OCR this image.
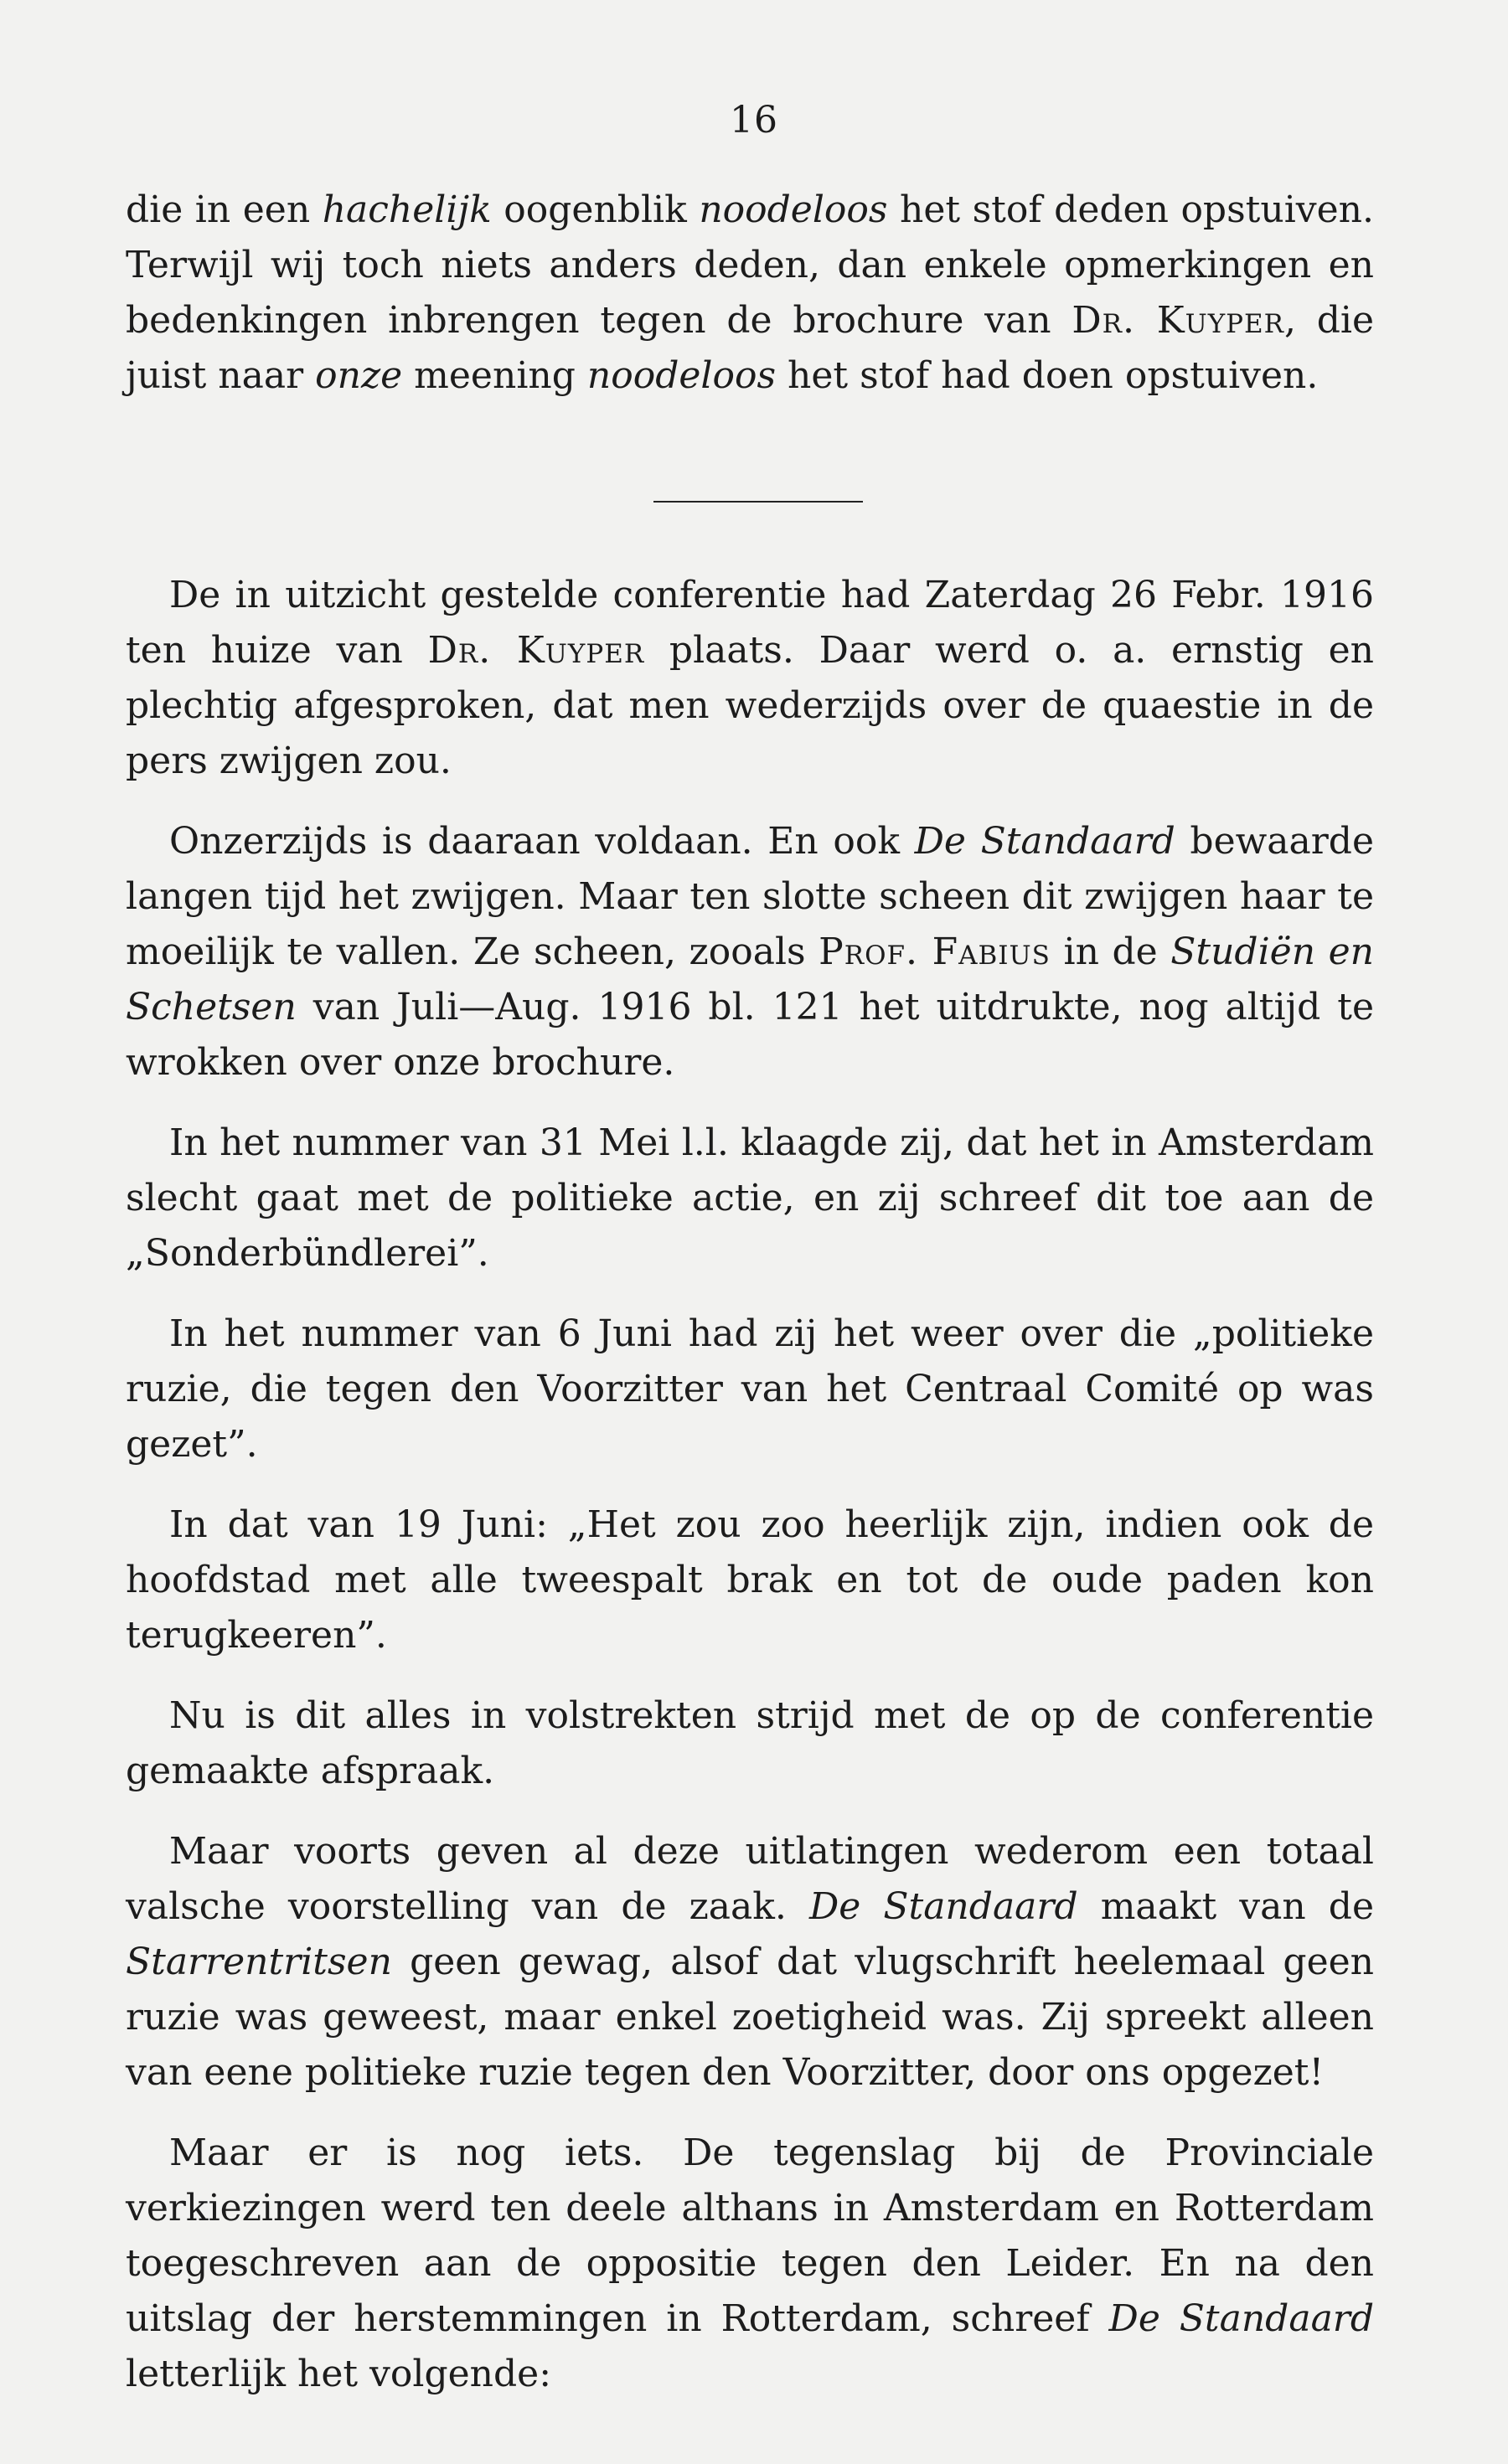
16

die in een hachelijk oogenblik noodeloos het stof deden opstuiven. Terwijl wij toch niets anders deden, dan enkele opmerkingen en bedenkingen inbrengen tegen de brochure van Dr. Kuyper, die juist naar onze meening noodeloos het stof had doen opstuiven.

De in uitzicht gestelde conferentie had Zaterdag 26 Febr. 1916 ten huize van Dr. Kuyper plaats. Daar werd o. a. ernstig en plechtig afgesproken, dat men wederzijds over de quaestie in de pers zwijgen zou.

Onzerzijds is daaraan voldaan. En ook De Standaard bewaarde langen tijd het zwijgen. Maar ten slotte scheen dit zwijgen haar te moeilijk te vallen. Ze scheen, zooals Prof. Fabius in de Studiën en Schetsen van Juli—Aug. 1916 bl. 121 het uitdrukte, nog altijd te wrokken over onze brochure.

In het nummer van 31 Mei l.l. klaagde zij, dat het in Amsterdam slecht gaat met de politieke actie, en zij schreef dit toe aan de „Sonderbündlerei”.

In het nummer van 6 Juni had zij het weer over die „politieke ruzie, die tegen den Voorzitter van het Centraal Comité op was gezet”.

In dat van 19 Juni: „Het zou zoo heerlijk zijn, indien ook de hoofdstad met alle tweespalt brak en tot de oude paden kon terugkeeren”.

Nu is dit alles in volstrekten strijd met de op de conferentie gemaakte afspraak.

Maar voorts geven al deze uitlatingen wederom een totaal valsche voorstelling van de zaak. De Standaard maakt van de Starrentritsen geen gewag, alsof dat vlugschrift heelemaal geen ruzie was geweest, maar enkel zoetigheid was. Zij spreekt alleen van eene politieke ruzie tegen den Voorzitter, door ons opgezet!

Maar er is nog iets. De tegenslag bij de Provinciale verkiezingen werd ten deele althans in Amsterdam en Rotterdam toegeschreven aan de oppositie tegen den Leider. En na den uitslag der herstemmingen in Rotterdam, schreef De Standaard letterlijk het volgende:
